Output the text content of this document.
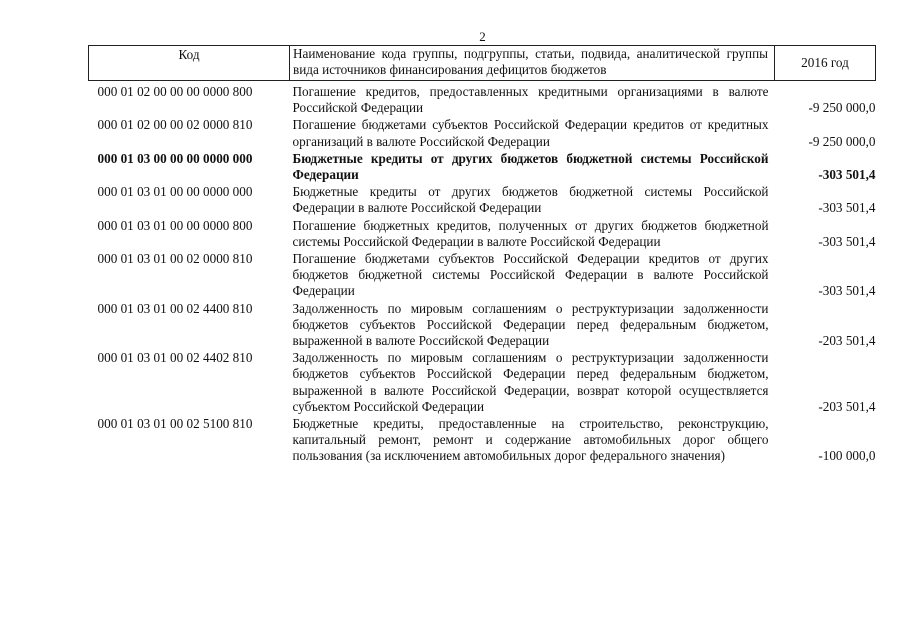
2
Код	Наименование кода группы, подгруппы, статьи, подвида, аналитической группы вида источников финансирования дефицитов бюджетов	2016 год
000 01 02 00 00 00 0000 800	Погашение кредитов, предоставленных кредитными организациями в валюте Российской Федерации	-9 250 000,0
000 01 02 00 00 02 0000 810	Погашение бюджетами субъектов Российской Федерации кредитов от кредитных организаций в валюте Российской Федерации	-9 250 000,0
000 01 03 00 00 00 0000 000	Бюджетные кредиты от других бюджетов бюджетной системы Российской Федерации	-303 501,4
000 01 03 01 00 00 0000 000	Бюджетные кредиты от других бюджетов бюджетной системы Российской Федерации в валюте Российской Федерации	-303 501,4
000 01 03 01 00 00 0000 800	Погашение бюджетных кредитов, полученных от других бюджетов бюджетной системы Российской Федерации в валюте Российской Федерации	-303 501,4
000 01 03 01 00 02 0000 810	Погашение бюджетами субъектов Российской Федерации кредитов от других бюджетов бюджетной системы Российской Федерации в валюте Российской Федерации	-303 501,4
000 01 03 01 00 02 4400 810	Задолженность по мировым соглашениям о реструктуризации задолженности бюджетов субъектов Российской Федерации перед федеральным бюджетом, выраженной в валюте Российской Федерации	-203 501,4
000 01 03 01 00 02 4402 810	Задолженность по мировым соглашениям о реструктуризации задолженности бюджетов субъектов Российской Федерации перед федеральным бюджетом, выраженной в валюте Российской Федерации, возврат которой осуществляется субъектом Российской Федерации	-203 501,4
000 01 03 01 00 02 5100 810	Бюджетные кредиты, предоставленные на строительство, реконструкцию, капитальный ремонт, ремонт и содержание автомобильных дорог общего пользования (за исключением автомобильных дорог федерального значения)	-100 000,0
